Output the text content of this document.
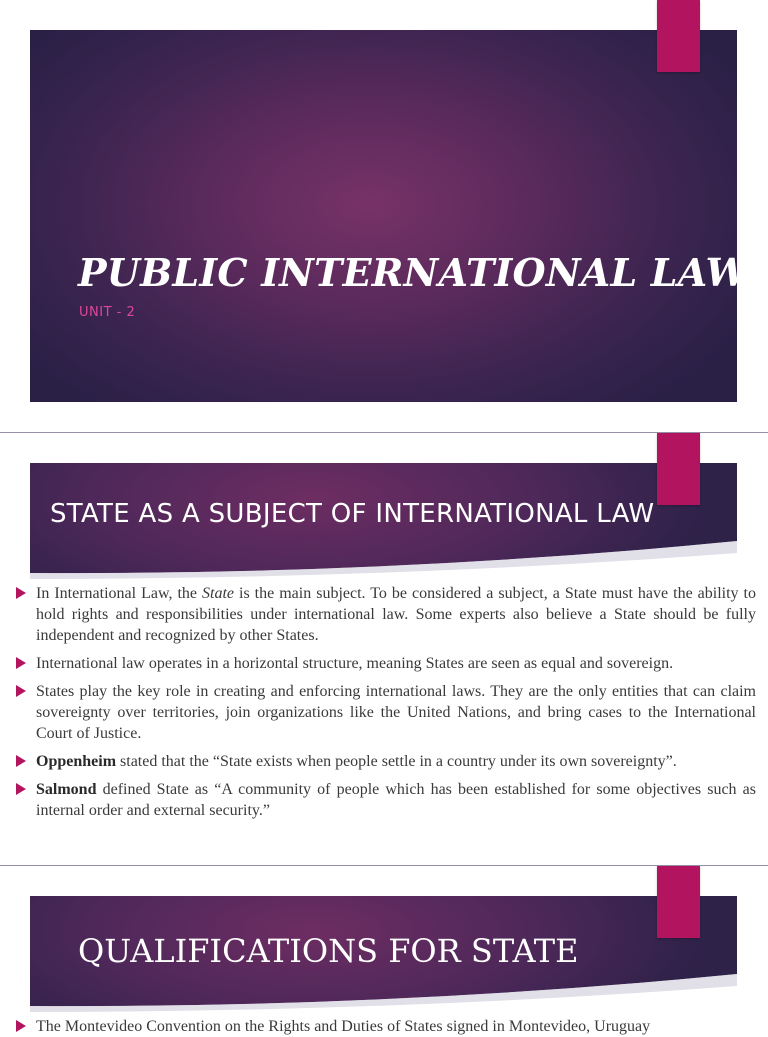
PUBLIC INTERNATIONAL LAW
UNIT - 2
STATE AS A SUBJECT OF INTERNATIONAL LAW
In International Law, the State is the main subject. To be considered a subject, a State must have the ability to hold rights and responsibilities under international law. Some experts also believe a State should be fully independent and recognized by other States.
International law operates in a horizontal structure, meaning States are seen as equal and sovereign.
States play the key role in creating and enforcing international laws. They are the only entities that can claim sovereignty over territories, join organizations like the United Nations, and bring cases to the International Court of Justice.
Oppenheim stated that the “State exists when people settle in a country under its own sovereignty”.
Salmond defined State as “A community of people which has been established for some objectives such as internal order and external security.”
QUALIFICATIONS FOR STATE
The Montevideo Convention on the Rights and Duties of States signed in Montevideo, Uruguay
